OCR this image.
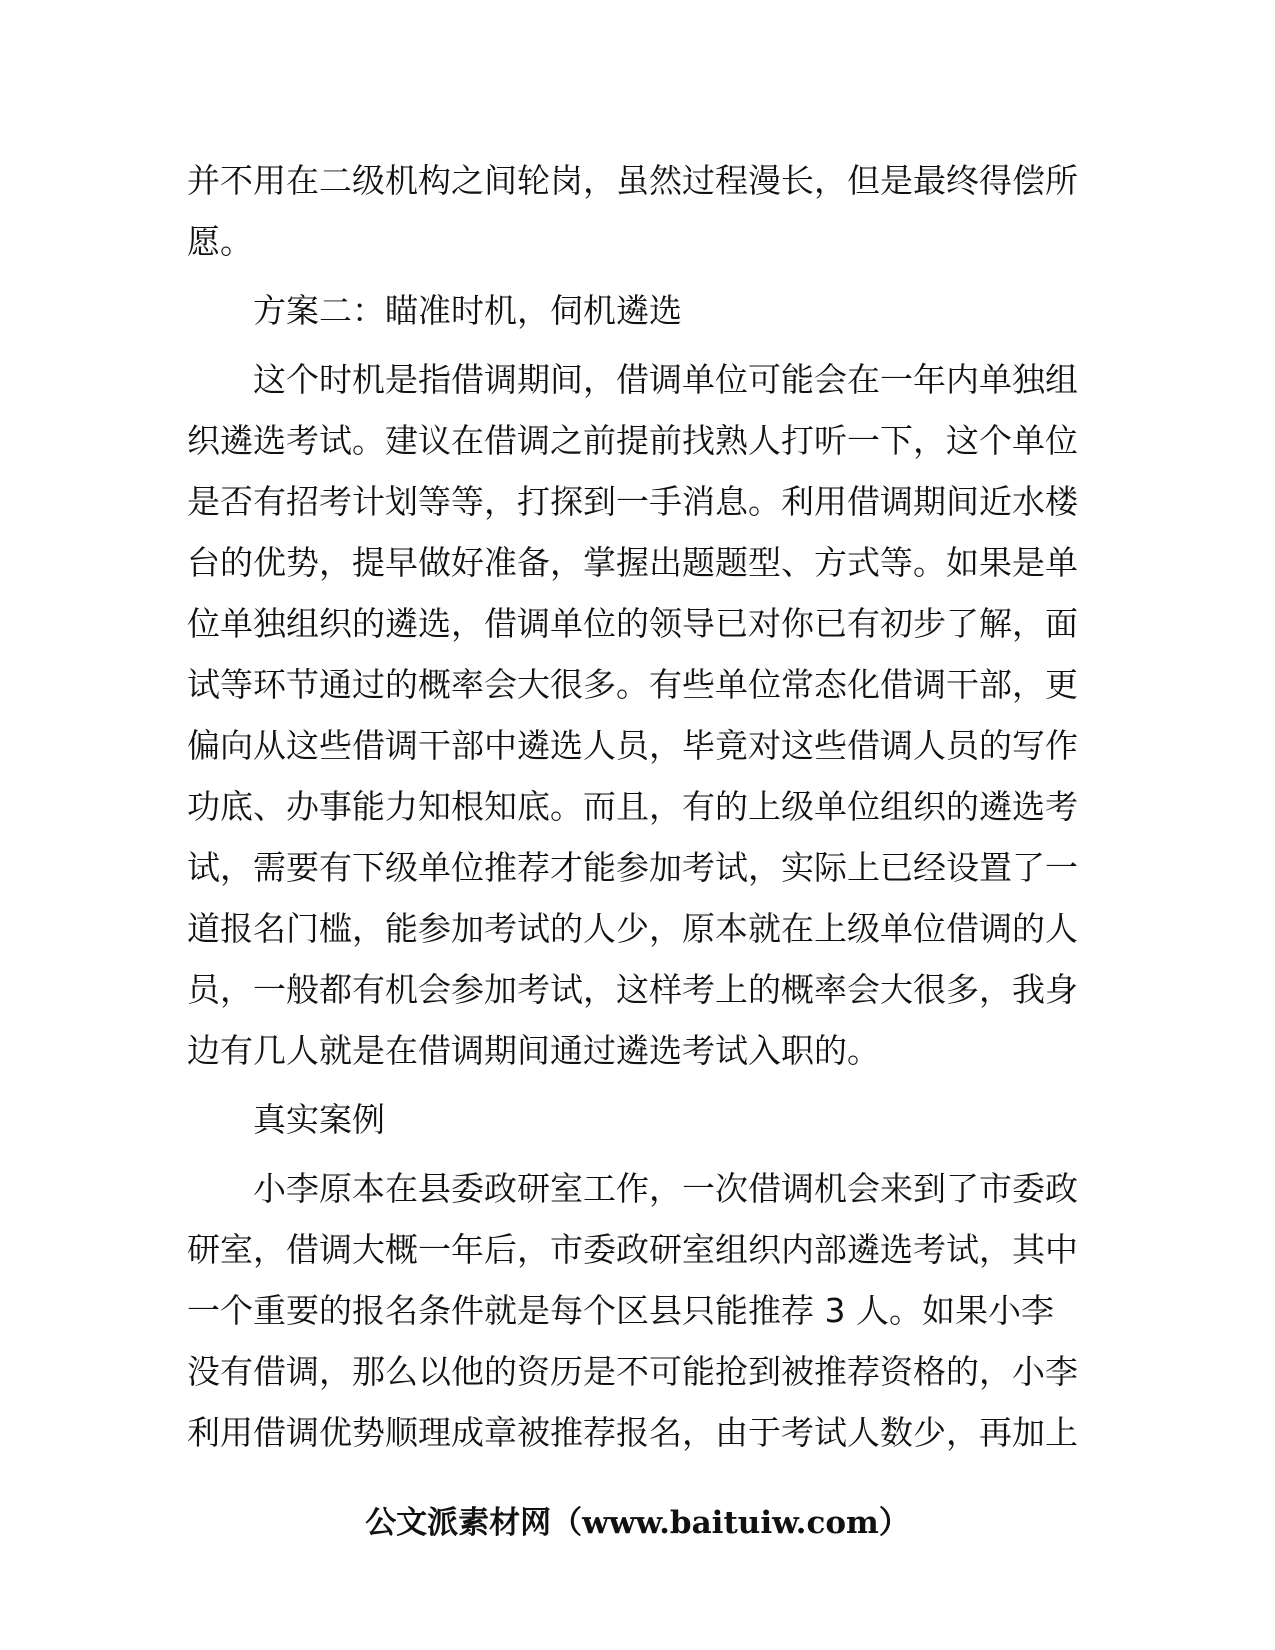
并不用在二级机构之间轮岗，虽然过程漫长，但是最终得偿所
愿。
方案二：瞄准时机，伺机遴选
这个时机是指借调期间，借调单位可能会在一年内单独组
织遴选考试。建议在借调之前提前找熟人打听一下，这个单位
是否有招考计划等等，打探到一手消息。利用借调期间近水楼
台的优势，提早做好准备，掌握出题题型、方式等。如果是单
位单独组织的遴选，借调单位的领导已对你已有初步了解，面
试等环节通过的概率会大很多。有些单位常态化借调干部，更
偏向从这些借调干部中遴选人员，毕竟对这些借调人员的写作
功底、办事能力知根知底。而且，有的上级单位组织的遴选考
试，需要有下级单位推荐才能参加考试，实际上已经设置了一
道报名门槛，能参加考试的人少，原本就在上级单位借调的人
员，一般都有机会参加考试，这样考上的概率会大很多，我身
边有几人就是在借调期间通过遴选考试入职的。
真实案例
小李原本在县委政研室工作，一次借调机会来到了市委政
研室，借调大概一年后，市委政研室组织内部遴选考试，其中
一个重要的报名条件就是每个区县只能推荐 3 人。如果小李
没有借调，那么以他的资历是不可能抢到被推荐资格的，小李
利用借调优势顺理成章被推荐报名，由于考试人数少，再加上
公文派素材网（www.baituiw.com）
